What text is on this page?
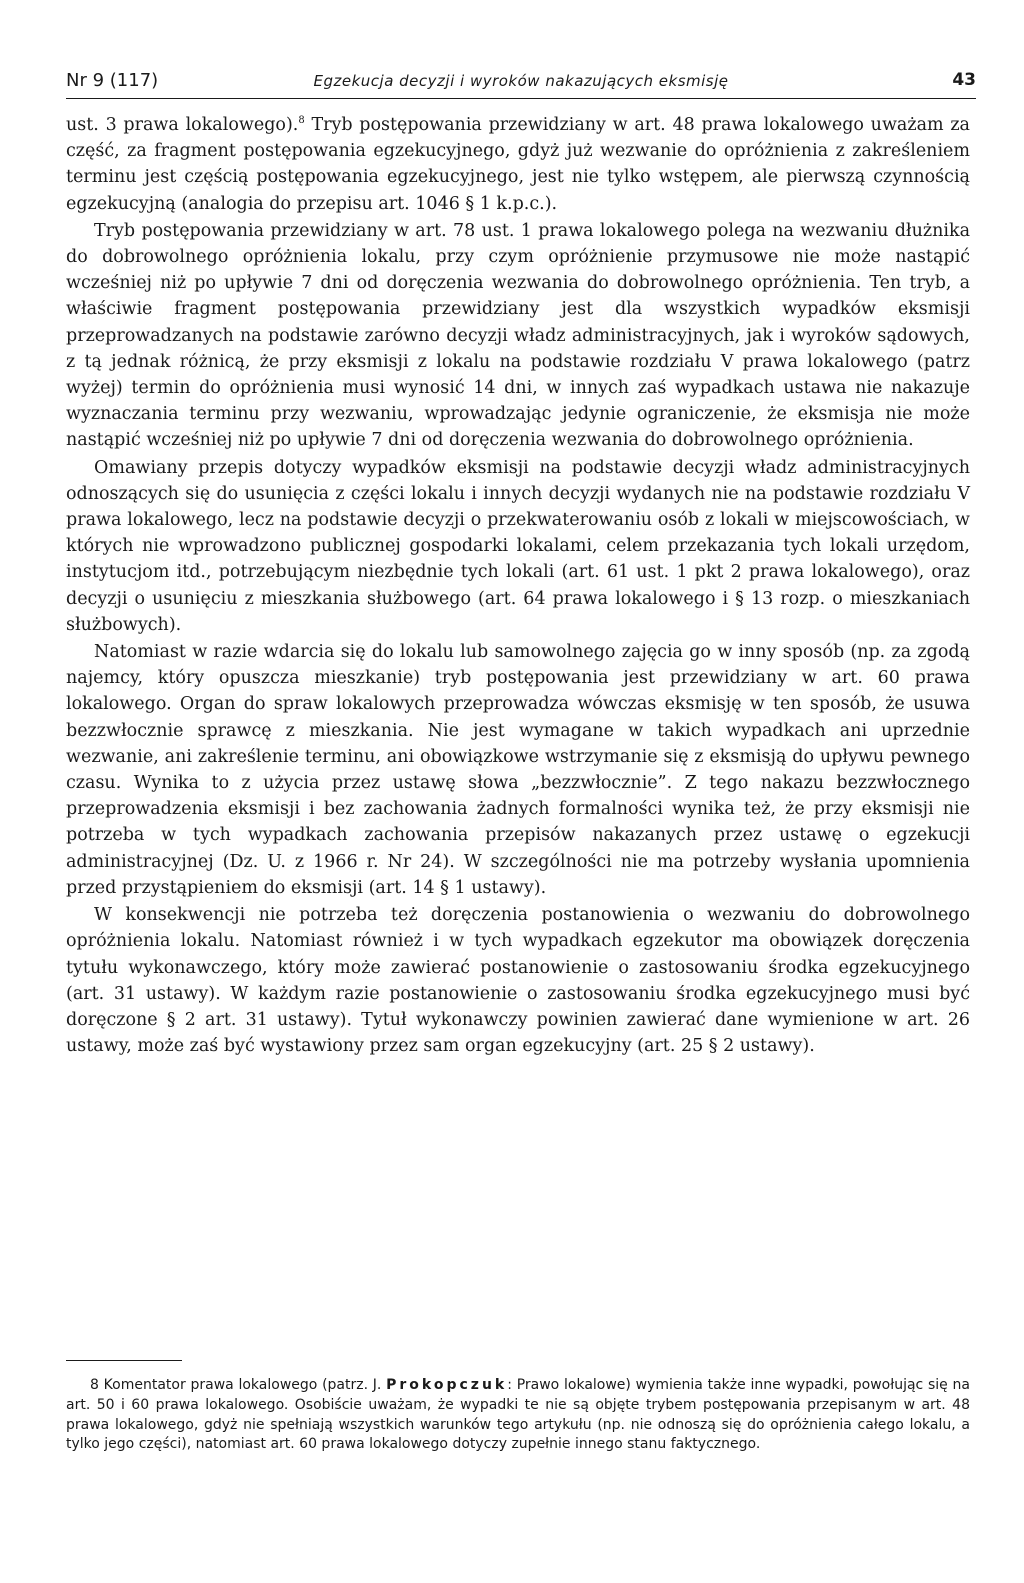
Nr 9 (117)	Egzekucja decyzji i wyroków nakazujących eksmisję	43

ust. 3 prawa lokalowego).$^8$ Tryb postępowania przewidziany w art. 48 prawa lokalowego uważam za część, za fragment postępowania egzekucyjnego, gdyż już wezwanie do opróżnienia z zakreśleniem terminu jest częścią postępowania egzekucyjnego, jest nie tylko wstępem, ale pierwszą czynnością egzekucyjną (analogia do przepisu art. 1046 § 1 k.p.c.).

Tryb postępowania przewidziany w art. 78 ust. 1 prawa lokalowego polega na wezwaniu dłużnika do dobrowolnego opróżnienia lokalu, przy czym opróżnienie przymusowe nie może nastąpić wcześniej niż po upływie 7 dni od doręczenia wezwania do dobrowolnego opróżnienia. Ten tryb, a właściwie fragment postępowania przewidziany jest dla wszystkich wypadków eksmisji przeprowadzanych na podstawie zarówno decyzji władz administracyjnych, jak i wyroków sądowych, z tą jednak różnicą, że przy eksmisji z lokalu na podstawie rozdziału V prawa lokalowego (patrz wyżej) termin do opróżnienia musi wynosić 14 dni, w innych zaś wypadkach ustawa nie nakazuje wyznaczania terminu przy wezwaniu, wprowadzając jedynie ograniczenie, że eksmisja nie może nastąpić wcześniej niż po upływie 7 dni od doręczenia wezwania do dobrowolnego opróżnienia.

Omawiany przepis dotyczy wypadków eksmisji na podstawie decyzji władz administracyjnych odnoszących się do usunięcia z części lokalu i innych decyzji wydanych nie na podstawie rozdziału V prawa lokalowego, lecz na podstawie decyzji o przekwaterowaniu osób z lokali w miejscowościach, w których nie wprowadzono publicznej gospodarki lokalami, celem przekazania tych lokali urzędom, instytucjom itd., potrzebującym niezbędnie tych lokali (art. 61 ust. 1 pkt 2 prawa lokalowego), oraz decyzji o usunięciu z mieszkania służbowego (art. 64 prawa lokalowego i § 13 rozp. o mieszkaniach służbowych).

Natomiast w razie wdarcia się do lokalu lub samowolnego zajęcia go w inny sposób (np. za zgodą najemcy, który opuszcza mieszkanie) tryb postępowania jest przewidziany w art. 60 prawa lokalowego. Organ do spraw lokalowych przeprowadza wówczas eksmisję w ten sposób, że usuwa bezzwłocznie sprawcę z mieszkania. Nie jest wymagane w takich wypadkach ani uprzednie wezwanie, ani zakreślenie terminu, ani obowiązkowe wstrzymanie się z eksmisją do upływu pewnego czasu. Wynika to z użycia przez ustawę słowa „bezzwłocznie”. Z tego nakazu bezzwłocznego przeprowadzenia eksmisji i bez zachowania żadnych formalności wynika też, że przy eksmisji nie potrzeba w tych wypadkach zachowania przepisów nakazanych przez ustawę o egzekucji administracyjnej (Dz. U. z 1966 r. Nr 24). W szczególności nie ma potrzeby wysłania upomnienia przed przystąpieniem do eksmisji (art. 14 § 1 ustawy).

W konsekwencji nie potrzeba też doręczenia postanowienia o wezwaniu do dobrowolnego opróżnienia lokalu. Natomiast również i w tych wypadkach egzekutor ma obowiązek doręczenia tytułu wykonawczego, który może zawierać postanowienie o zastosowaniu środka egzekucyjnego (art. 31 ustawy). W każdym razie postanowienie o zastosowaniu środka egzekucyjnego musi być doręczone § 2 art. 31 ustawy). Tytuł wykonawczy powinien zawierać dane wymienione w art. 26 ustawy, może zaś być wystawiony przez sam organ egzekucyjny (art. 25 § 2 ustawy).

8 Komentator prawa lokalowego (patrz. J. Prokopczuk: Prawo lokalowe) wymienia także inne wypadki, powołując się na art. 50 i 60 prawa lokalowego. Osobiście uważam, że wypadki te nie są objęte trybem postępowania przepisanym w art. 48 prawa lokalowego, gdyż nie spełniają wszystkich warunków tego artykułu (np. nie odnoszą się do opróżnienia całego lokalu, a tylko jego części), natomiast art. 60 prawa lokalowego dotyczy zupełnie innego stanu faktycznego.
